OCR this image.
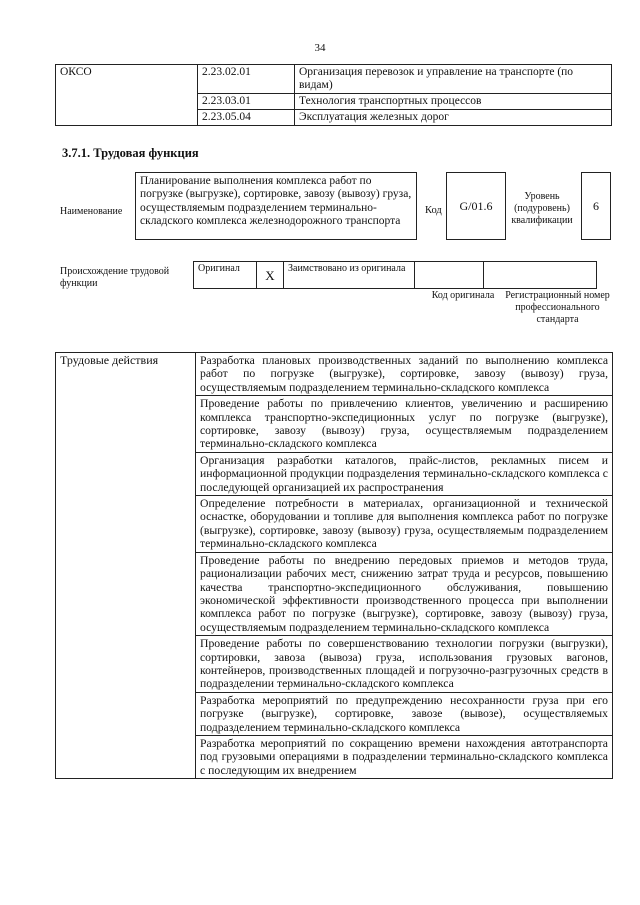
34
ОКСО	2.23.02.01	Организация перевозок и управление на транспорте (по видам)
	2.23.03.01	Технология транспортных процессов
	2.23.05.04	Эксплуатация железных дорог
3.7.1. Трудовая функция
Наименование
Планирование выполнения комплекса работ по погрузке (выгрузке), сортировке, завозу (вывозу) груза, осуществляемым подразделением терминально-складского комплекса железнодорожного транспорта
Код	G/01.6
Уровень (подуровень) квалификации
6
Происхождение трудовой функции
Оригинал	X	Заимствовано из оригинала		
Код оригинала	Регистрационный номер профессионального стандарта
Трудовые действия	Разработка плановых производственных заданий по выполнению комплекса работ по погрузке (выгрузке), сортировке, завозу (вывозу) груза, осуществляемым подразделением терминально-складского комплекса
Проведение работы по привлечению клиентов, увеличению и расширению комплекса транспортно-экспедиционных услуг по погрузке (выгрузке), сортировке, завозу (вывозу) груза, осуществляемым подразделением терминально-складского комплекса
Организация разработки каталогов, прайс-листов, рекламных писем и информационной продукции подразделения терминально-складского комплекса с последующей организацией их распространения
Определение потребности в материалах, организационной и технической оснастке, оборудовании и топливе для выполнения комплекса работ по погрузке (выгрузке), сортировке, завозу (вывозу) груза, осуществляемым подразделением терминально-складского комплекса
Проведение работы по внедрению передовых приемов и методов труда, рационализации рабочих мест, снижению затрат труда и ресурсов, повышению качества транспортно-экспедиционного обслуживания, повышению экономической эффективности производственного процесса при выполнении комплекса работ по погрузке (выгрузке), сортировке, завозу (вывозу) груза, осуществляемым подразделением терминально-складского комплекса
Проведение работы по совершенствованию технологии погрузки (выгрузки), сортировки, завоза (вывоза) груза, использования грузовых вагонов, контейнеров, производственных площадей и погрузочно-разгрузочных средств в подразделении терминально-складского комплекса
Разработка мероприятий по предупреждению несохранности груза при его погрузке (выгрузке), сортировке, завозе (вывозе), осуществляемых подразделением терминально-складского комплекса
Разработка мероприятий по сокращению времени нахождения автотранспорта под грузовыми операциями в подразделении терминально-складского комплекса с последующим их внедрением
